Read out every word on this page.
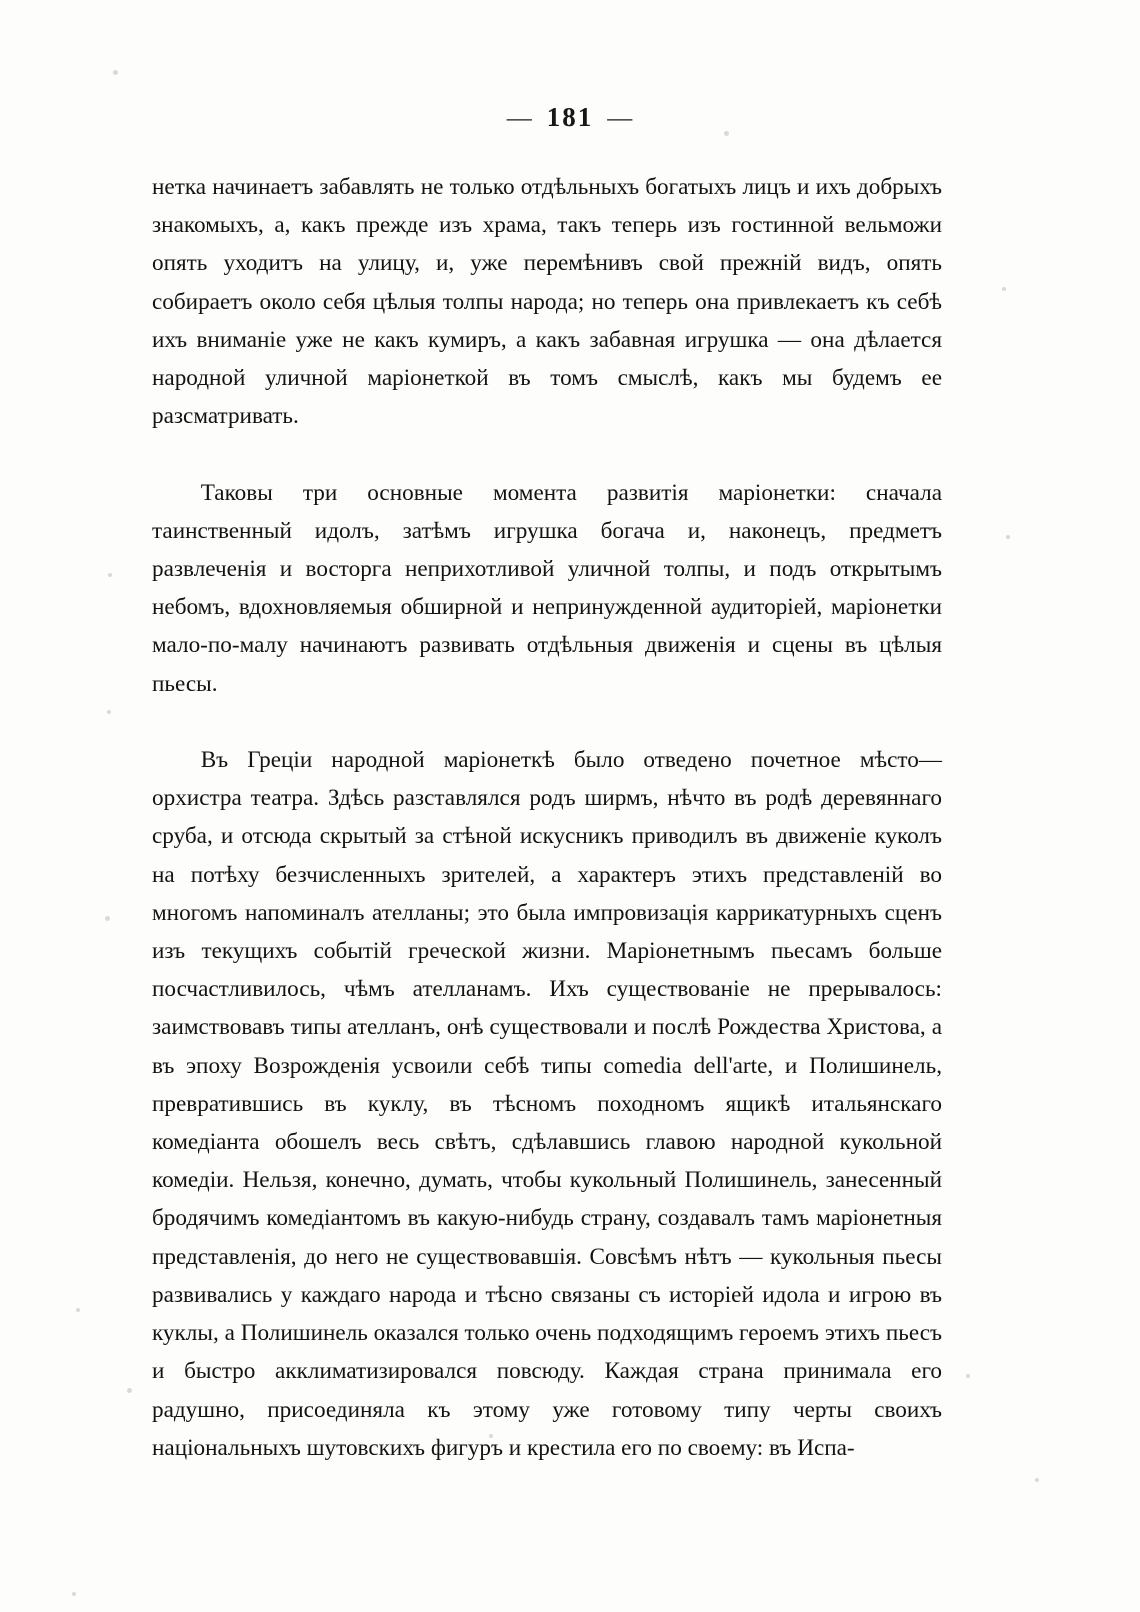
— 181 —

нетка начинаетъ забавлять не только отдѣльныхъ богатыхъ лицъ и ихъ добрыхъ знакомыхъ, а, какъ прежде изъ храма, такъ теперь изъ гостинной вельможи опять уходитъ на улицу, и, уже перемѣнивъ свой прежнiй видъ, опять собираетъ около себя цѣлыя толпы народа; но теперь она привлекаетъ къ себѣ ихъ вниманiе уже не какъ кумиръ, а какъ забавная игрушка — она дѣлается народной уличной марiонеткой въ томъ смыслѣ, какъ мы будемъ ее разсматривать.

Таковы три основные момента развитiя марiонетки: сначала таинственный идолъ, затѣмъ игрушка богача и, наконецъ, предметъ развлеченiя и восторга неприхотливой уличной толпы, и подъ открытымъ небомъ, вдохновляемыя обширной и непринужденной аудиторiей, марiонетки мало-по-малу начинаютъ развивать отдѣльныя движенiя и сцены въ цѣлыя пьесы.

Въ Грецiи народной марiонеткѣ было отведено почетное мѣсто— орхистра театра. Здѣсь разставлялся родъ ширмъ, нѣчто въ родѣ деревяннаго сруба, и отсюда скрытый за стѣной искусникъ приводилъ въ движенiе куколъ на потѣху безчисленныхъ зрителей, а характеръ этихъ представленiй во многомъ напоминалъ ателланы; это была импровизацiя каррикатурныхъ сценъ изъ текущихъ событiй греческой жизни. Марiонетнымъ пьесамъ больше посчастливилось, чѣмъ ателланамъ. Ихъ существованiе не прерывалось: заимствовавъ типы ателланъ, онѣ существовали и послѣ Рождества Христова, а въ эпоху Возрожденiя усвоили себѣ типы comedia dell'arte, и Полишинель, превратившись въ куклу, въ тѣсномъ походномъ ящикѣ итальянскаго комедiанта обошелъ весь свѣтъ, сдѣлавшись главою народной кукольной комедiи. Нельзя, конечно, думать, чтобы кукольный Полишинель, занесенный бродячимъ комедiантомъ въ какую-нибудь страну, создавалъ тамъ марiонетныя представленiя, до него не существовавшiя. Совсѣмъ нѣтъ — кукольныя пьесы развивались у каждаго народа и тѣсно связаны съ исторiей идола и игрою въ куклы, а Полишинель оказался только очень подходящимъ героемъ этихъ пьесъ и быстро акклиматизировался повсюду. Каждая страна принимала его радушно, присоединяла къ этому уже готовому типу черты своихъ нацiональныхъ шутовскихъ фигуръ и крестила его по своему: въ Испа-
